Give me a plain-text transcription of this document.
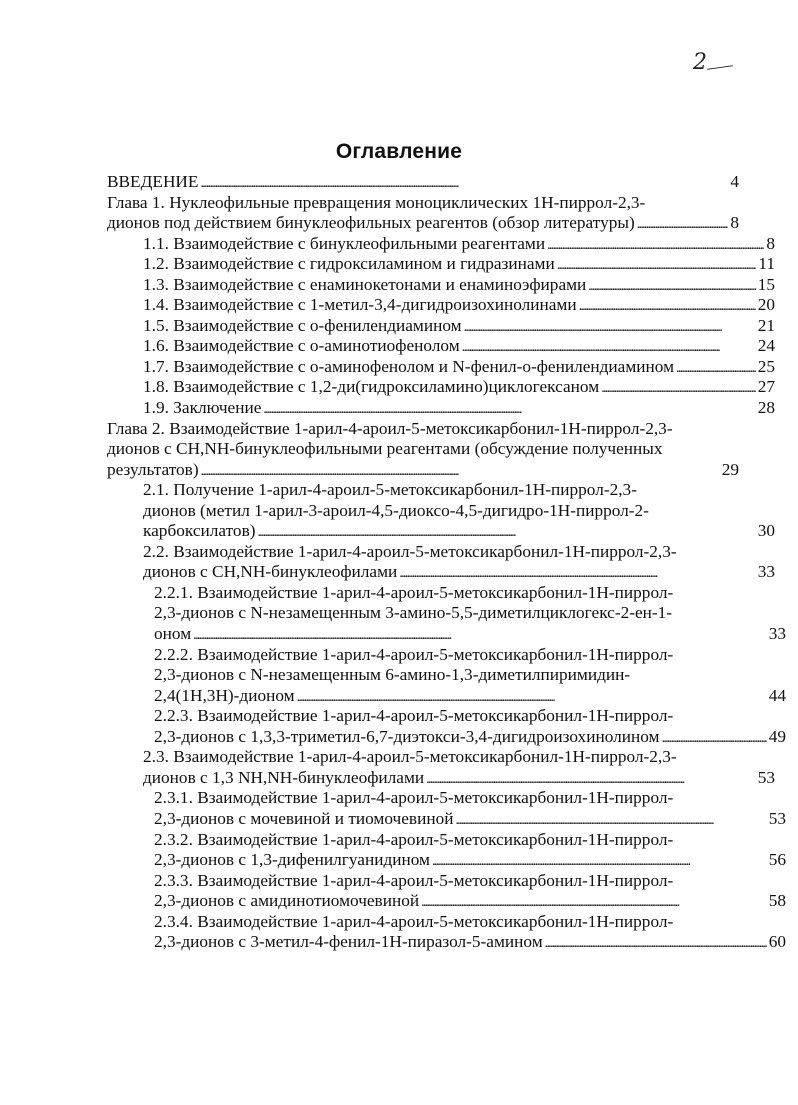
2
Оглавление
ВВЕДЕНИЕ . . .	4
Глава 1. Нуклеофильные превращения моноциклических 1Н-пиррол-2,3-
дионов под действием бинуклеофильных реагентов (обзор литературы) . . .	8
1.1. Взаимодействие с бинуклеофильными реагентами . . .	8
1.2. Взаимодействие с гидроксиламином и гидразинами . . .	11
1.3. Взаимодействие с енаминокетонами и енаминоэфирами . . .	15
1.4. Взаимодействие с 1-метил-3,4-дигидроизохинолинами . . .	20
1.5. Взаимодействие с о-фенилендиамином . . .	21
1.6. Взаимодействие с о-аминотиофенолом . . .	24
1.7. Взаимодействие с о-аминофенолом и N-фенил-о-фенилендиамином . . .	25
1.8. Взаимодействие с 1,2-ди(гидроксиламино)циклогексаном . . .	27
1.9. Заключение . . .	28
Глава 2. Взаимодействие 1-арил-4-ароил-5-метоксикарбонил-1Н-пиррол-2,3-
дионов с CH,NH-бинуклеофильными реагентами (обсуждение полученных
результатов) . . .	29
2.1. Получение 1-арил-4-ароил-5-метоксикарбонил-1Н-пиррол-2,3-
дионов (метил 1-арил-3-ароил-4,5-диоксо-4,5-дигидро-1Н-пиррол-2-
карбоксилатов) . . .	30
2.2. Взаимодействие 1-арил-4-ароил-5-метоксикарбонил-1Н-пиррол-2,3-
дионов с CH,NH-бинуклеофилами . . .	33
2.2.1. Взаимодействие 1-арил-4-ароил-5-метоксикарбонил-1Н-пиррол-
2,3-дионов с N-незамещенным 3-амино-5,5-диметилциклогекс-2-ен-1-
оном . . .	33
2.2.2. Взаимодействие 1-арил-4-ароил-5-метоксикарбонил-1Н-пиррол-
2,3-дионов с N-незамещенным 6-амино-1,3-диметилпиримидин-
2,4(1Н,3Н)-дионом . . .	44
2.2.3. Взаимодействие 1-арил-4-ароил-5-метоксикарбонил-1Н-пиррол-
2,3-дионов с 1,3,3-триметил-6,7-диэтокси-3,4-дигидроизохинолином . . .	49
2.3. Взаимодействие 1-арил-4-ароил-5-метоксикарбонил-1Н-пиррол-2,3-
дионов с 1,3 NH,NH-бинуклеофилами . . .	53
2.3.1. Взаимодействие 1-арил-4-ароил-5-метоксикарбонил-1Н-пиррол-
2,3-дионов с мочевиной и тиомочевиной . . .	53
2.3.2. Взаимодействие 1-арил-4-ароил-5-метоксикарбонил-1Н-пиррол-
2,3-дионов с 1,3-дифенилгуанидином . . .	56
2.3.3. Взаимодействие 1-арил-4-ароил-5-метоксикарбонил-1Н-пиррол-
2,3-дионов с амидинотиомочевиной . . .	58
2.3.4. Взаимодействие 1-арил-4-ароил-5-метоксикарбонил-1Н-пиррол-
2,3-дионов с 3-метил-4-фенил-1Н-пиразол-5-амином . . .	60
